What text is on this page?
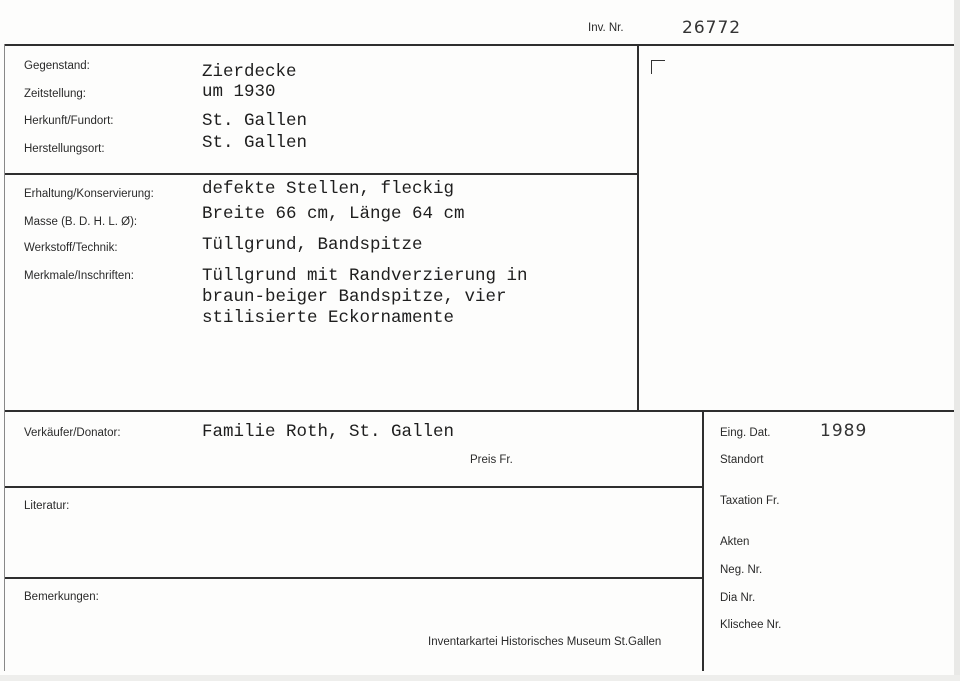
Inv. Nr.	26772
Gegenstand:	Zierdecke
Zeitstellung:	um 1930
Herkunft/Fundort:	St. Gallen
Herstellungsort:	St. Gallen
Erhaltung/Konservierung:	defekte Stellen, fleckig
Masse (B. D. H. L. Ø):	Breite 66 cm, Länge 64 cm
Werkstoff/Technik:	Tüllgrund, Bandspitze
Merkmale/Inschriften:	Tüllgrund mit Randverzierung in
braun-beiger Bandspitze, vier
stilisierte Eckornamente
Verkäufer/Donator:	Familie Roth, St. Gallen
Preis Fr.
Literatur:
Bemerkungen:
Inventarkartei Historisches Museum St.Gallen
Eing. Dat.	1989
Standort
Taxation Fr.
Akten
Neg. Nr.
Dia Nr.
Klischee Nr.
